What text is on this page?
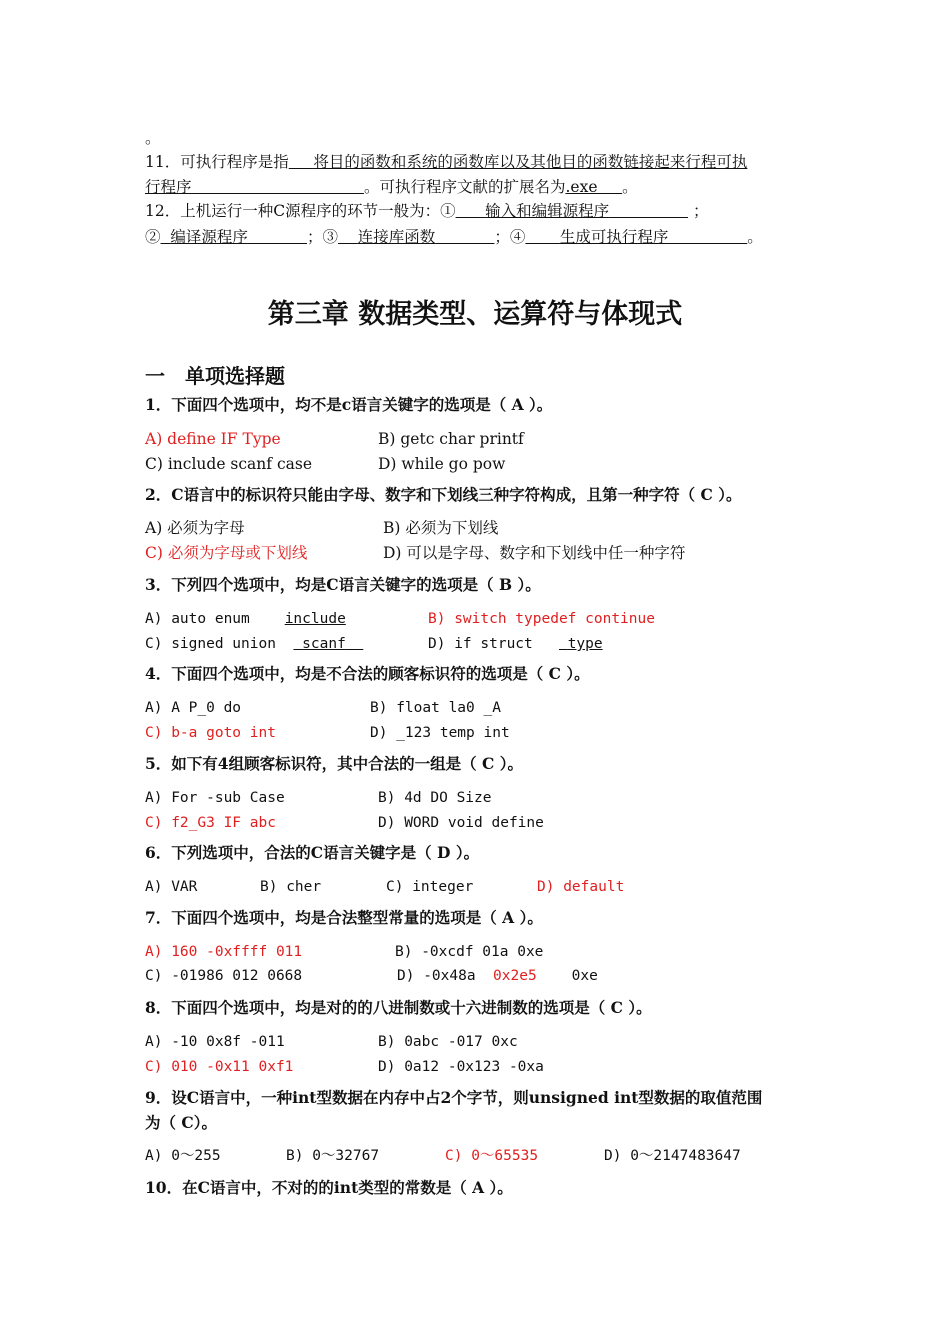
。
11．可执行程序是指 将目的函数和系统的函数库以及其他目的函数链接起来行程可执
行程序	。可执行程序文献的扩展名为.exe 。
12．上机运行一种C源程序的环节一般为：① 输入和编辑源程序	；
② 编译源程序	；③ 连接库函数	；④ 生成可执行程序	。
第三章 数据类型、运算符与体现式
一　单项选择题
1．下面四个选项中，均不是c语言关键字的选项是（ A ）。
A) define IF Type	B) getc char printf
C) include scanf case	D) while go pow
2．C语言中的标识符只能由字母、数字和下划线三种字符构成，且第一种字符（ C ）。
A) 必须为字母	B) 必须为下划线
C) 必须为字母或下划线	D) 可以是字母、数字和下划线中任一种字符
3．下列四个选项中，均是C语言关键字的选项是（ B ）。
A) auto enum include	B) switch typedef continue
C) signed union scanf	D) if struct type
4．下面四个选项中，均是不合法的顾客标识符的选项是（ C ）。
A) A P_0 do	B) float la0 _A
C) b-a goto int	D) _123 temp int
5．如下有4组顾客标识符，其中合法的一组是（ C ）。
A) For -sub Case	B) 4d DO Size
C) f2_G3 IF abc	D) WORD void define
6．下列选项中，合法的C语言关键字是（ D ）。
A) VAR	B) cher	C) integer	D) default
7．下面四个选项中，均是合法整型常量的选项是（ A ）。
A) 160 -0xffff 011	B) -0xcdf 01a 0xe
C) -01986 012 0668	D) -0x48a 0x2e5 0xe
8．下面四个选项中，均是对的的八进制数或十六进制数的选项是（ C ）。
A) -10 0x8f -011	B) 0abc -017 0xc
C) 010 -0x11 0xf1	D) 0a12 -0x123 -0xa
9．设C语言中，一种int型数据在内存中占2个字节，则unsigned int型数据的取值范围
为（ C）。
A) 0～255	B) 0～32767	C) 0～65535	D) 0～2147483647
10．在C语言中，不对的的int类型的常数是（ A ）。
